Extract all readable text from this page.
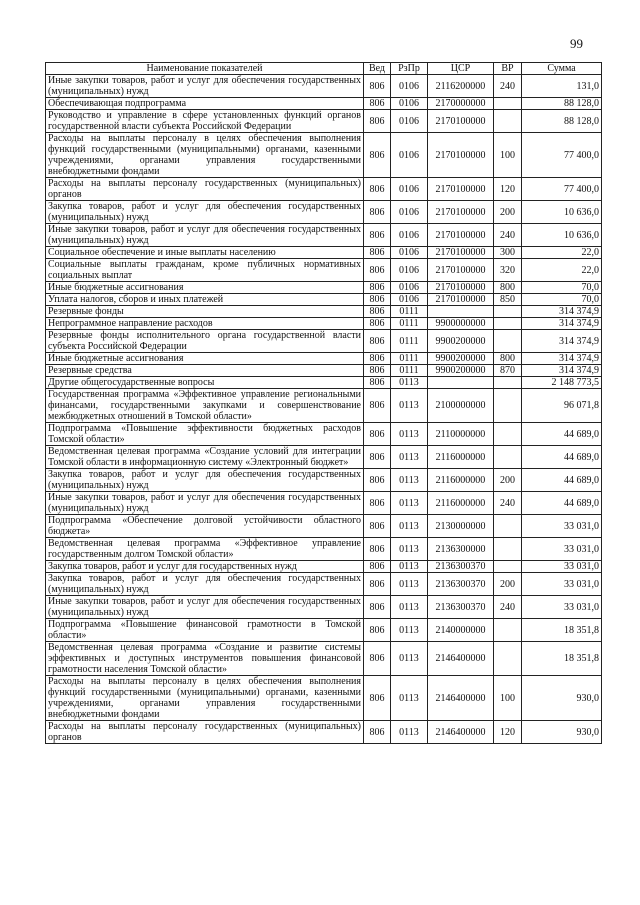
99
Наименование показателей	Вед	РзПр	ЦСР	ВР	Сумма
Иные закупки товаров, работ и услуг для обеспечения государственных (муниципальных) нужд	806	0106	2116200000	240	131,0
Обеспечивающая подпрограмма	806	0106	2170000000		88 128,0
Руководство и управление в сфере установленных функций органов государственной власти субъекта Российской Федерации	806	0106	2170100000		88 128,0
Расходы на выплаты персоналу в целях обеспечения выполнения функций государственными (муниципальными) органами, казенными учреждениями, органами управления государственными внебюджетными фондами	806	0106	2170100000	100	77 400,0
Расходы на выплаты персоналу государственных (муниципальных) органов	806	0106	2170100000	120	77 400,0
Закупка товаров, работ и услуг для обеспечения государственных (муниципальных) нужд	806	0106	2170100000	200	10 636,0
Иные закупки товаров, работ и услуг для обеспечения государственных (муниципальных) нужд	806	0106	2170100000	240	10 636,0
Социальное обеспечение и иные выплаты населению	806	0106	2170100000	300	22,0
Социальные выплаты гражданам, кроме публичных нормативных социальных выплат	806	0106	2170100000	320	22,0
Иные бюджетные ассигнования	806	0106	2170100000	800	70,0
Уплата налогов, сборов и иных платежей	806	0106	2170100000	850	70,0
Резервные фонды	806	0111			314 374,9
Непрограммное направление расходов	806	0111	9900000000		314 374,9
Резервные фонды исполнительного органа государственной власти субъекта Российской Федерации	806	0111	9900200000		314 374,9
Иные бюджетные ассигнования	806	0111	9900200000	800	314 374,9
Резервные средства	806	0111	9900200000	870	314 374,9
Другие общегосударственные вопросы	806	0113			2 148 773,5
Государственная программа «Эффективное управление региональными финансами, государственными закупками и совершенствование межбюджетных отношений в Томской области»	806	0113	2100000000		96 071,8
Подпрограмма «Повышение эффективности бюджетных расходов Томской области»	806	0113	2110000000		44 689,0
Ведомственная целевая программа «Создание условий для интеграции Томской области в информационную систему «Электронный бюджет»	806	0113	2116000000		44 689,0
Закупка товаров, работ и услуг для обеспечения государственных (муниципальных) нужд	806	0113	2116000000	200	44 689,0
Иные закупки товаров, работ и услуг для обеспечения государственных (муниципальных) нужд	806	0113	2116000000	240	44 689,0
Подпрограмма «Обеспечение долговой устойчивости областного бюджета»	806	0113	2130000000		33 031,0
Ведомственная целевая программа «Эффективное управление государственным долгом Томской области»	806	0113	2136300000		33 031,0
Закупка товаров, работ и услуг для государственных нужд	806	0113	2136300370		33 031,0
Закупка товаров, работ и услуг для обеспечения государственных (муниципальных) нужд	806	0113	2136300370	200	33 031,0
Иные закупки товаров, работ и услуг для обеспечения государственных (муниципальных) нужд	806	0113	2136300370	240	33 031,0
Подпрограмма «Повышение финансовой грамотности в Томской области»	806	0113	2140000000		18 351,8
Ведомственная целевая программа «Создание и развитие системы эффективных и доступных инструментов повышения финансовой грамотности населения Томской области»	806	0113	2146400000		18 351,8
Расходы на выплаты персоналу в целях обеспечения выполнения функций государственными (муниципальными) органами, казенными учреждениями, органами управления государственными внебюджетными фондами	806	0113	2146400000	100	930,0
Расходы на выплаты персоналу государственных (муниципальных) органов	806	0113	2146400000	120	930,0
